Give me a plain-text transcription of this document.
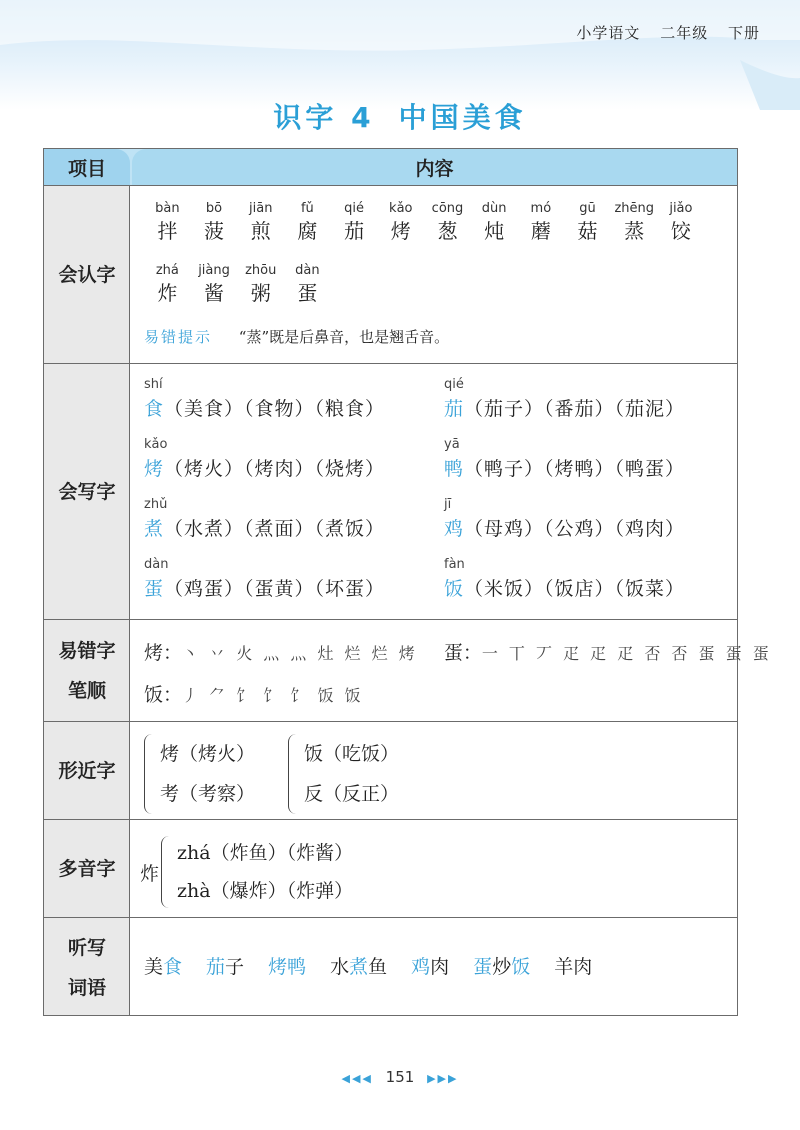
小学语文 二年级 下册
识字 4 中国美食
项目	内容
会认字
bàn
拌
bō
菠
jiān
煎
fǔ
腐
qié
茄
kǎo
烤
cōng
葱
dùn
炖
mó
蘑
gū
菇
zhēng
蒸
jiǎo
饺
zhá
炸
jiàng
酱
zhōu
粥
dàn
蛋
易错提示 “蒸”既是后鼻音，也是翘舌音。
会写字
shí
食（美食）（食物）（粮食）
qié
茄（茄子）（番茄）（茄泥）
kǎo
烤（烤火）（烤肉）（烧烤）
yā
鸭（鸭子）（烤鸭）（鸭蛋）
zhǔ
煮（水煮）（煮面）（煮饭）
jī
鸡（母鸡）（公鸡）（鸡肉）
dàn
蛋（鸡蛋）（蛋黄）（坏蛋）
fàn
饭（米饭）（饭店）（饭菜）
易错字
笔顺
烤：丶 丷 火 灬 灬 灶 烂 烂 烤 蛋：一 丅 丆 疋 疋 疋 否 否 蛋 蛋 蛋
饭：丿 ⺈ 饣 饣 饣 饭 饭
形近字
烤（烤火）
考（考察）
饭（吃饭）
反（反正）
多音字	炸
zhá（炸鱼）（炸酱）
zhà（爆炸）（炸弹）
听写
词语
美食 茄子 烤鸭 水煮鱼 鸡肉 蛋炒饭 羊肉
◀◀◀ 151 ▶▶▶
